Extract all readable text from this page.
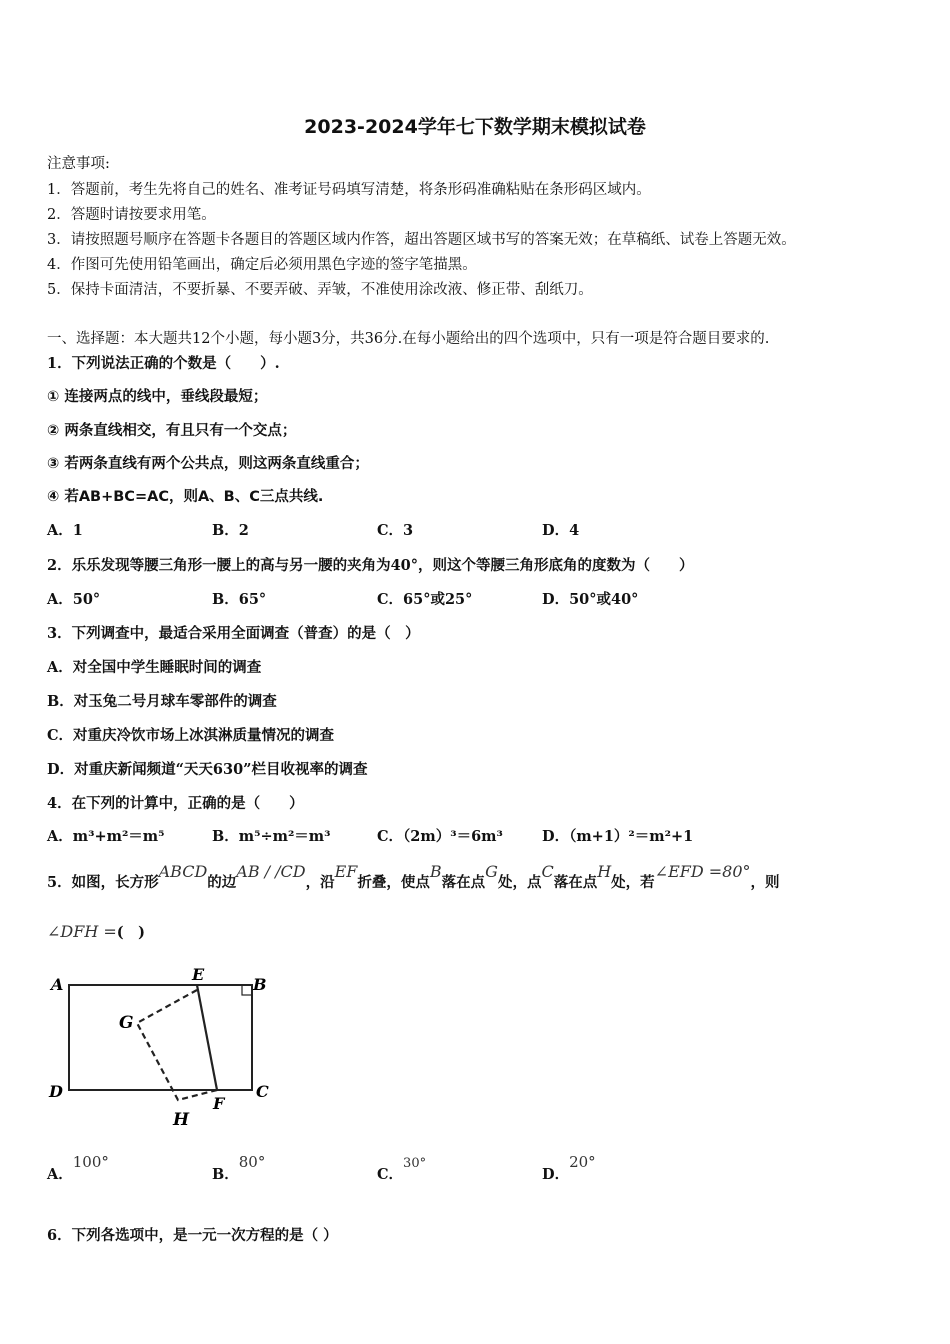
2023-2024学年七下数学期末模拟试卷
注意事项:
1．答题前，考生先将自己的姓名、准考证号码填写清楚，将条形码准确粘贴在条形码区域内。
2．答题时请按要求用笔。
3．请按照题号顺序在答题卡各题目的答题区域内作答，超出答题区域书写的答案无效；在草稿纸、试卷上答题无效。
4．作图可先使用铅笔画出，确定后必须用黑色字迹的签字笔描黑。
5．保持卡面清洁，不要折暴、不要弄破、弄皱，不准使用涂改液、修正带、刮纸刀。
一、选择题：本大题共12个小题，每小题3分，共36分.在每小题给出的四个选项中，只有一项是符合题目要求的.
1．下列说法正确的个数是（　　）.
① 连接两点的线中，垂线段最短；
② 两条直线相交，有且只有一个交点；
③ 若两条直线有两个公共点，则这两条直线重合；
④ 若AB+BC=AC，则A、B、C三点共线.
A．1	B．2	C．3	D．4
2．乐乐发现等腰三角形一腰上的高与另一腰的夹角为40°，则这个等腰三角形底角的度数为（　　）
A．50°	B．65°	C．65°或25°	D．50°或40°
3．下列调查中，最适合采用全面调查（普查）的是（　）
A．对全国中学生睡眠时间的调查
B．对玉兔二号月球车零部件的调查
C．对重庆冷饮市场上冰淇淋质量情况的调查
D．对重庆新闻频道“天天630”栏目收视率的调查
4．在下列的计算中，正确的是（　　）
A．m³+m²＝m⁵	B．m⁵÷m²＝m³	C．（2m）³＝6m³	D．（m+1）²＝m²+1
5．如图，长方形ABCD的边AB / /CD，沿EF折叠，使点B落在点G处，点C落在点H处，若∠EFD =80°，则
∠DFH =(　)
A
E
B
G
D
H
F
C
A．100°
B．80°
C．30°
D．20°
6．下列各选项中，是一元一次方程的是（ ）
